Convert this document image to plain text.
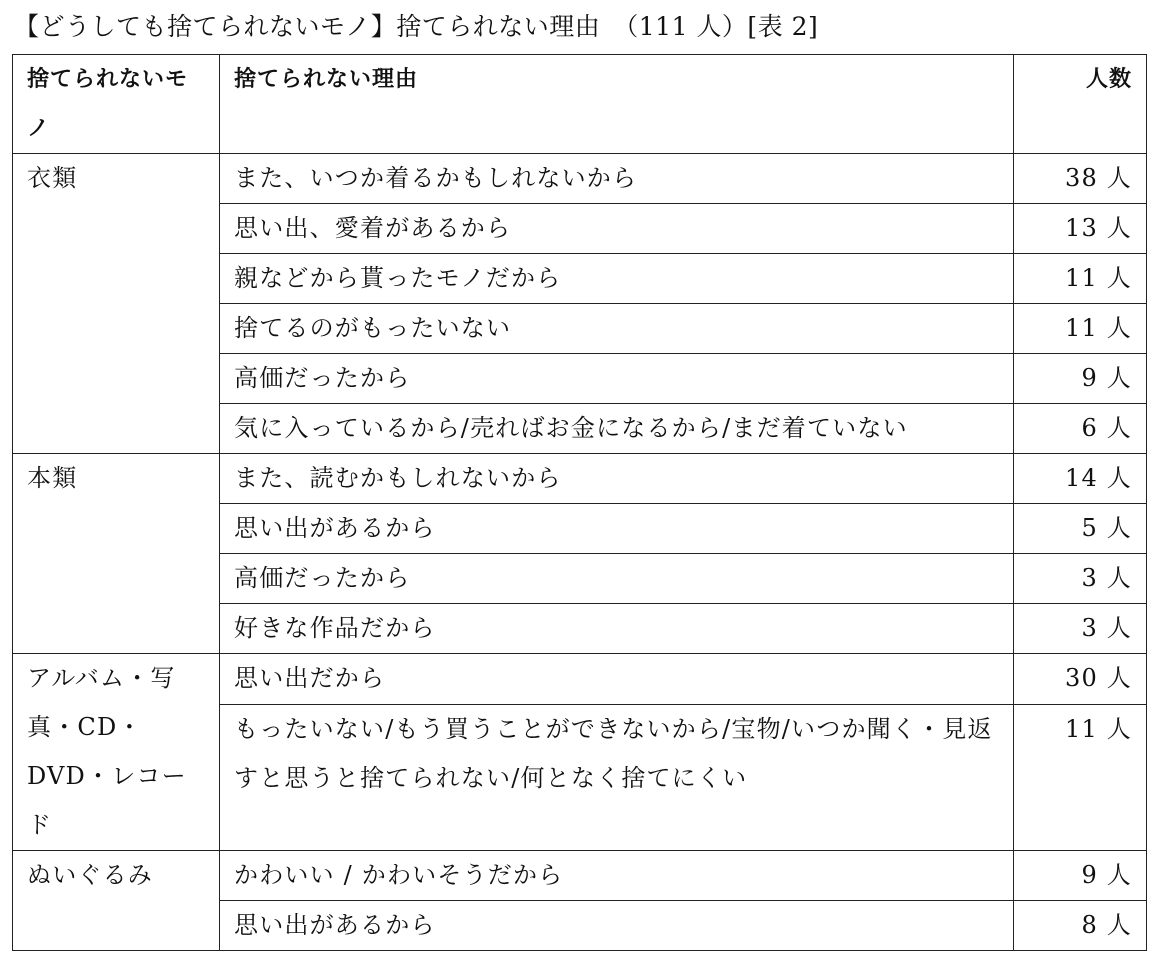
【どうしても捨てられないモノ】捨てられない理由　（111 人）[表 2]
捨てられないモノ	捨てられない理由	人数
衣類	また、いつか着るかもしれないから	38 人
	思い出、愛着があるから	13 人
	親などから貰ったモノだから	11 人
	捨てるのがもったいない	11 人
	高価だったから	9 人
	気に入っているから/売ればお金になるから/まだ着ていない	6 人
本類	また、読むかもしれないから	14 人
	思い出があるから	5 人
	高価だったから	3 人
	好きな作品だから	3 人
アルバム・写真・CD・DVD・レコード	思い出だから	30 人
	もったいない/もう買うことができないから/宝物/いつか聞く・見返すと思うと捨てられない/何となく捨てにくい	11 人
ぬいぐるみ	かわいい / かわいそうだから	9 人
	思い出があるから	8 人
